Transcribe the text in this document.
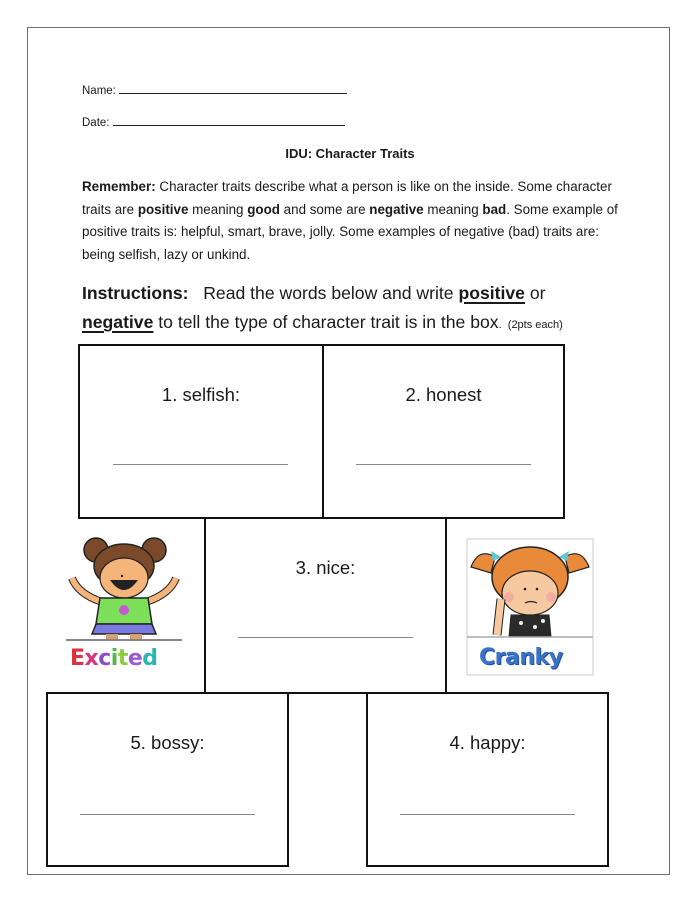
Name:
Date:
IDU: Character Traits
Remember: Character traits describe what a person is like on the inside. Some character traits are positive meaning good and some are negative meaning bad. Some example of positive traits is: helpful, smart, brave, jolly. Some examples of negative (bad) traits are: being selfish, lazy or unkind.
Instructions:   Read the words below and write positive or
negative to tell the type of character trait is in the box.  (2pts each)
1. selfish:	2. honest
3. nice:
5. bossy:	4. happy:
Excited	Cranky
